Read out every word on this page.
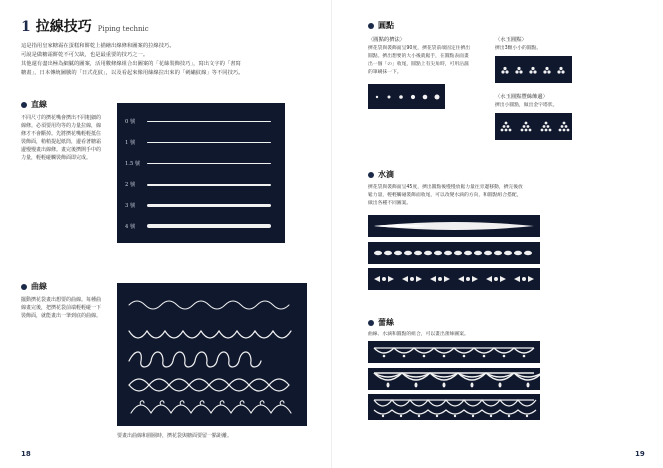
1 拉線技巧 Piping technic

這是指用皇家糖霜在蛋糕和餅乾上描繪出線條和圖案的拉線技巧。

可說是做糖霜餅乾不可欠缺，也是最重要的技巧之一。

其他還有盡出極為細膩的圖案，活用數條線組合出圖案的「花絲裝飾技巧」，寫出文字的「書寫

糖畫」，日本傳統圖騰的「日式花紋」，以及看起來像用絲線拉出來的「刺繡紋線」等不同技巧。

直線
不同尺寸的擠花嘴會擠出不同粗細的
線條。必須要用均等的力量拉線，線
條才不會斷掉。先將擠花嘴輕輕抵住
裝飾面，稍稍提起紙筒，邊看著糖霜
邊慢慢畫出線條。畫完後擠開手中的
力量，輕輕碰觸裝飾面即完成。
0 號
1 號
1.5 號
2 號
3 號
4 號
曲線
擺動擠花袋畫出想要的曲線。每種曲
線畫完後，把擠花袋前端輕輕碰一下
裝飾面，就能畫出一筆到底的曲線。
要畫出曲線和圓圈時，擠花袋與糖面要留一點距離。
18
圓點
〈圓點的擠法〉
擠花袋與裝飾面呈90度，擠花袋前端固定住擠出
圓點。擠出想要的大小後就鬆手，在圓點表面畫
出一個「の」收尾，圓點上有尖角時，可用沾濕
的筆刷抹一下。
〈水玉圓點〉
擠出3顆小小的圓點。
〈水玉圓點豐絲飾邊〉
擠出小圓點，做出金字塔狀。
水滴
擠花袋與裝飾面呈45度，擠出圓點後慢慢放鬆力量往旁邊移動，擠完後放
鬆力量，輕輕觸碰裝飾面收尾，可以改變水滴的方向，和圓點組合搭配，
做出各種不同圖案。
蕾絲
曲線、水滴和圓點的組合，可以畫出蕾絲圖案。
19
